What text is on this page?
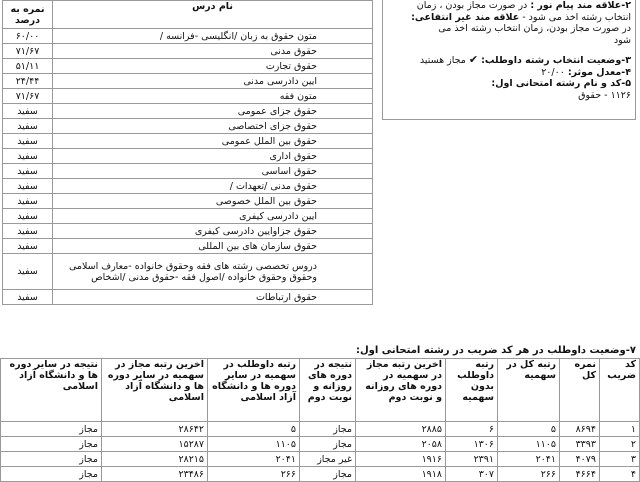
نمره به درصد	نام درس
۶۰/۰۰	متون حقوق به زبان /انگلیسی -فرانسه /
۷۱/۶۷	حقوق مدنی
۵۱/۱۱	حقوق تجارت
۲۴/۴۴	ایین دادرسی مدنی
۷۱/۶۷	متون فقه
سفید	حقوق جزای عمومی
سفید	حقوق جزای اختصاصی
سفید	حقوق بین الملل عمومی
سفید	حقوق اداری
سفید	حقوق اساسی
سفید	حقوق مدنی /تعهدات /
سفید	حقوق بین الملل خصوصی
سفید	ایین دادرسی کیفری
سفید	حقوق جزاوایین دادرسی کیفری
سفید	حقوق سازمان های بین المللی
سفید	دروس تخصصی رشته های فقه وحقوق خانواده -معارف اسلامی وحقوق وحقوق خانواده /اصول فقه -حقوق مدنی /اشخاص
سفید	حقوق ارتباطات
۲-علاقه مند پیام نور : در صورت مجاز بودن ، زمان
انتخاب رشته اخذ می شود - علاقه مند غیر انتفاعی:
در صورت مجاز بودن، زمان انتخاب رشته اخذ می
شود
۳-وضعیت انتخاب رشته داوطلب: ✔ مجاز هستید
۴-معدل موثر: ۲۰/۰۰
۵-کد و نام رشته امتحانی اول:
۱۱۲۶ - حقوق
۷-وضعیت داوطلب در هر کد ضریب در رشته امتحانی اول:
کد ضریب	نمره کل	رتبه کل در سهمیه	رتبه داوطلب بدون سهمیه	آخرین رتبه مجاز در سهمیه در دوره های روزانه و نوبت دوم	نتیجه در دوره های روزانه و نوبت دوم	رتبه داوطلب در سهمیه در سایر دوره ها و دانشگاه آزاد اسلامی	آخرین رتبه مجاز در سهمیه در سایر دوره ها و دانشگاه آزاد اسلامی	نتیجه در سایر دوره ها و دانشگاه آزاد اسلامی
۱	۸۶۹۴	۵	۶	۲۸۸۵	مجاز	۵	۲۸۶۴۲	مجاز
۲	۳۳۹۳	۱۱۰۵	۱۳۰۶	۲۰۵۸	مجاز	۱۱۰۵	۱۵۲۸۷	مجاز
۳	۴۰۷۹	۲۰۴۱	۲۳۹۱	۱۹۱۶	غیر مجاز	۲۰۴۱	۲۸۲۱۵	مجاز
۴	۴۶۶۴	۲۶۶	۳۰۷	۱۹۱۸	مجاز	۲۶۶	۲۳۴۸۶	مجاز
